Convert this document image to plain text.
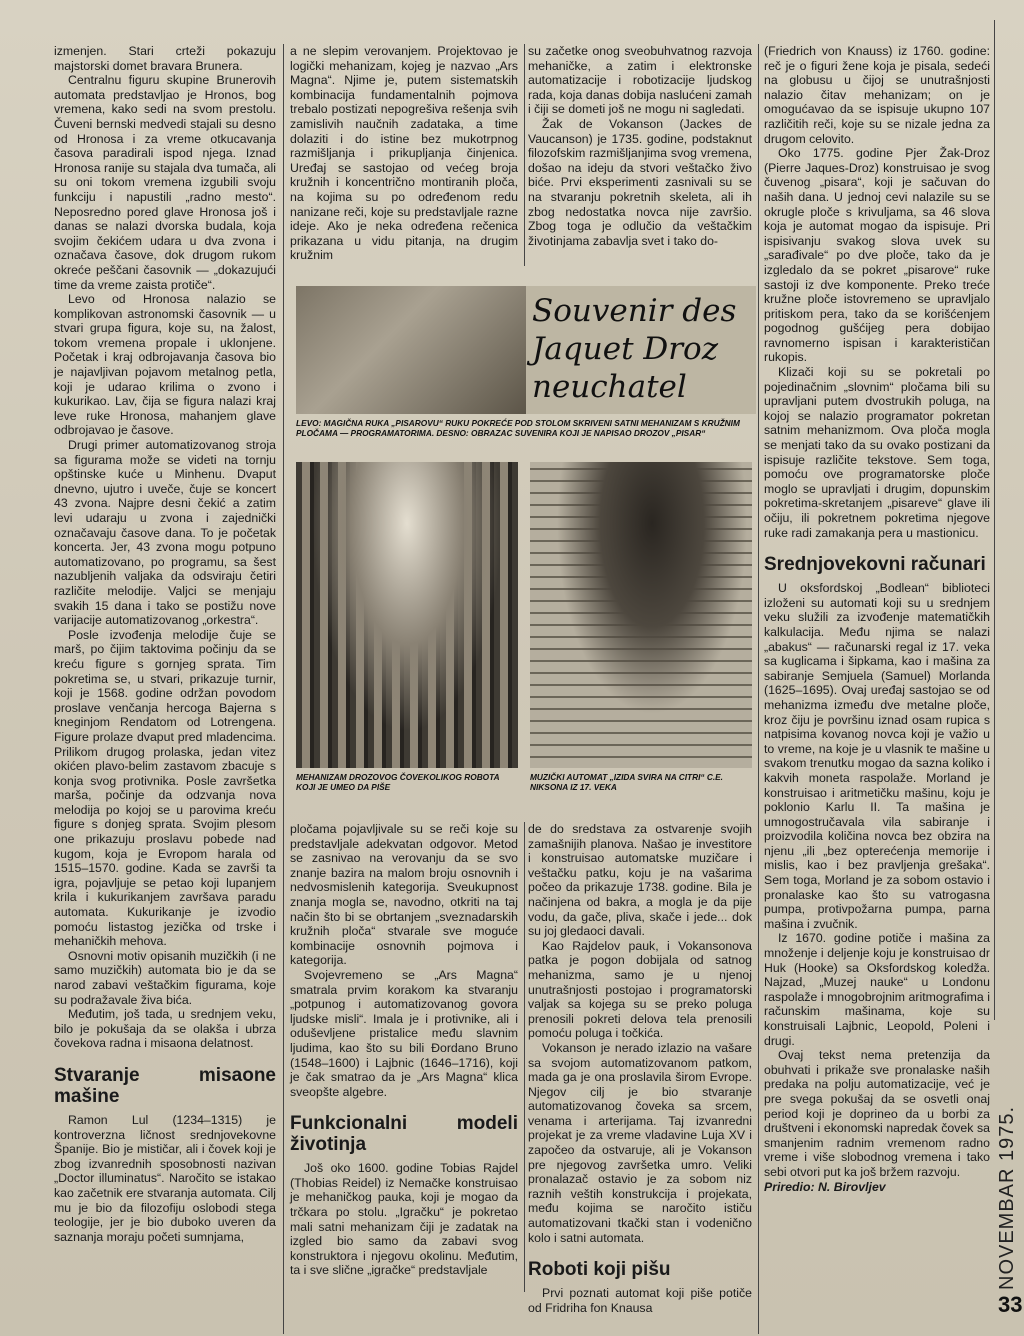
izmenjen. Stari crteži pokazuju majstorski domet bravara Brunera.

Centralnu figuru skupine Brunerovih automata predstavljao je Hronos, bog vremena, kako sedi na svom prestolu. Čuveni bernski medvedi stajali su desno od Hronosa i za vreme otkucavanja časova paradirali ispod njega. Iznad Hronosa ranije su stajala dva tumača, ali su oni tokom vremena izgubili svoju funkciju i napustili „radno mesto“. Neposredno pored glave Hronosa još i danas se nalazi dvorska budala, koja svojim čekićem udara u dva zvona i označava časove, dok drugom rukom okreće peščani časovnik — „dokazujući time da vreme zaista protiče“.

Levo od Hronosa nalazio se komplikovan astronomski časovnik — u stvari grupa figura, koje su, na žalost, tokom vremena propale i uklonjene. Početak i kraj odbrojavanja časova bio je najavljivan pojavom metalnog petla, koji je udarao krilima o zvono i kukurikao. Lav, čija se figura nalazi kraj leve ruke Hronosa, mahanjem glave odbrojavao je časove.

Drugi primer automatizovanog stroja sa figurama može se videti na tornju opštinske kuće u Minhenu. Dvaput dnevno, ujutro i uveče, čuje se koncert 43 zvona. Najpre desni čekić a zatim levi udaraju u zvona i zajednički označavaju časove dana. To je početak koncerta. Jer, 43 zvona mogu potpuno automatizovano, po programu, sa šest nazubljenih valjaka da odsviraju četiri različite melodije. Valjci se menjaju svakih 15 dana i tako se postižu nove varijacije automatizovanog „orkestra“.

Posle izvođenja melodije čuje se marš, po čijim taktovima počinju da se kreću figure s gornjeg sprata. Tim pokretima se, u stvari, prikazuje turnir, koji je 1568. godine održan povodom proslave venčanja hercoga Bajerna s kneginjom Rendatom od Lotrengena. Figure prolaze dvaput pred mladencima. Prilikom drugog prolaska, jedan vitez okićen plavo-belim zastavom zbacuje s konja svog protivnika. Posle završetka marša, počinje da odzvanja nova melodija po kojoj se u parovima kreću figure s donjeg sprata. Svojim plesom one prikazuju proslavu pobede nad kugom, koja je Evropom harala od 1515–1570. godine. Kada se završi ta igra, pojavljuje se petao koji lupanjem krila i kukurikanjem završava paradu automata. Kukurikanje je izvodio pomoću listastog jezička od trske i mehaničkih mehova.

Osnovni motiv opisanih muzičkih (i ne samo muzičkih) automata bio je da se narod zabavi veštačkim figurama, koje su podražavale živa bića.

Međutim, još tada, u srednjem veku, bilo je pokušaja da se olakša i ubrza čovekova radna i misaona delatnost.

Stvaranje misaone mašine

Ramon Lul (1234–1315) je kontroverzna ličnost srednjovekovne Španije. Bio je mističar, ali i čovek koji je zbog izvanrednih sposobnosti nazivan „Doctor illuminatus“. Naročito se istakao kao začetnik ere stvaranja automata. Cilj mu je bio da filozofiju oslobodi stega teologije, jer je bio duboko uveren da saznanja moraju početi sumnjama,

a ne slepim verovanjem. Projektovao je logički mehanizam, kojeg je nazvao „Ars Magna“. Njime je, putem sistematskih kombinacija fundamentalnih pojmova trebalo postizati nepogrešiva rešenja svih zamislivih naučnih zadataka, a time dolaziti i do istine bez mukotrpnog razmišljanja i prikupljanja činjenica. Uređaj se sastojao od većeg broja kružnih i koncentrično montiranih ploča, na kojima su po određenom redu nanizane reči, koje su predstavljale razne ideje. Ako je neka određena rečenica prikazana u vidu pitanja, na drugim kružnim

su začetke onog sveobuhvatnog razvoja mehaničke, a zatim i elektronske automatizacije i robotizacije ljudskog rada, koja danas dobija naslućeni zamah i čiji se dometi još ne mogu ni sagledati.

Žak de Vokanson (Jackes de Vaucanson) je 1735. godine, podstaknut filozofskim razmišljanjima svog vremena, došao na ideju da stvori veštačko živo biće. Prvi eksperimenti zasnivali su se na stvaranju pokretnih skeleta, ali ih zbog nedostatka novca nije završio. Zbog toga je odlučio da veštačkim životinjama zabavlja svet i tako do-

Souvenir des Jaquet Droz neuchatel
LEVO: MAGIČNA RUKA „PISAROVU“ RUKU POKREĆE POD STOLOM SKRIVENI SATNI MEHANIZAM S KRUŽNIM PLOČAMA — PROGRAMATORIMA. DESNO: OBRAZAC SUVENIRA KOJI JE NAPISAO DROZOV „PISAR“
MEHANIZAM DROZOVOG ČOVEKOLIKOG ROBOTA KOJI JE UMEO DA PIŠE
MUZIČKI AUTOMAT „IZIDA SVIRA NA CITRI“ C.E. NIKSONA IZ 17. VEKA

pločama pojavljivale su se reči koje su predstavljale adekvatan odgovor. Metod se zasnivao na verovanju da se svo znanje bazira na malom broju osnovnih i nedvosmislenih kategorija. Sveukupnost znanja mogla se, navodno, otkriti na taj način što bi se obrtanjem „sveznadarskih kružnih ploča“ stvarale sve moguće kombinacije osnovnih pojmova i kategorija.

Svojevremeno se „Ars Magna“ smatrala prvim korakom ka stvaranju „potpunog i automatizovanog govora ljudske misli“. Imala je i protivnike, ali i oduševljene pristalice među slavnim ljudima, kao što su bili Đordano Bruno (1548–1600) i Lajbnic (1646–1716), koji je čak smatrao da je „Ars Magna“ klica sveopšte algebre.

Funkcionalni modeli životinja

Još oko 1600. godine Tobias Rajdel (Thobias Reidel) iz Nemačke konstruisao je mehaničkog pauka, koji je mogao da trčkara po stolu. „Igračku“ je pokretao mali satni mehanizam čiji je zadatak na izgled bio samo da zabavi svog konstruktora i njegovu okolinu. Međutim, ta i sve slične „igračke“ predstavljale

de do sredstava za ostvarenje svojih zamašnijih planova. Našao je investitore i konstruisao automatske muzičare i veštačku patku, koju je na vašarima počeo da prikazuje 1738. godine. Bila je načinjena od bakra, a mogla je da pije vodu, da gače, pliva, skače i jede... dok su joj gledaoci davali.

Kao Rajdelov pauk, i Vokansonova patka je pogon dobijala od satnog mehanizma, samo je u njenoj unutrašnjosti postojao i programatorski valjak sa kojega su se preko poluga prenosili pokreti delova tela prenosili pomoću poluga i točkića.

Vokanson je nerado izlazio na vašare sa svojom automatizovanom patkom, mada ga je ona proslavila širom Evrope. Njegov cilj je bio stvaranje automatizovanog čoveka sa srcem, venama i arterijama. Taj izvanredni projekat je za vreme vladavine Luja XV i započeo da ostvaruje, ali je Vokanson pre njegovog završetka umro. Veliki pronalazač ostavio je za sobom niz raznih veštih konstrukcija i projekata, među kojima se naročito ističu automatizovani tkački stan i vodenično kolo i satni automata.

Roboti koji pišu

Prvi poznati automat koji piše potiče od Fridriha fon Knausa

(Friedrich von Knauss) iz 1760. godine: reč je o figuri žene koja je pisala, sedeći na globusu u čijoj se unutrašnjosti nalazio čitav mehanizam; on je omogućavao da se ispisuje ukupno 107 različitih reči, koje su se nizale jedna za drugom celovito.

Oko 1775. godine Pjer Žak-Droz (Pierre Jaques-Droz) konstruisao je svog čuvenog „pisara“, koji je sačuvan do naših dana. U jednoj cevi nalazile su se okrugle ploče s krivuljama, sa 46 slova koja je automat mogao da ispisuje. Pri ispisivanju svakog slova uvek su „sarađivale“ po dve ploče, tako da je izgledalo da se pokret „pisarove“ ruke sastoji iz dve komponente. Preko treće kružne ploče istovremeno se upravljalo pritiskom pera, tako da se korišćenjem pogodnog gušćijeg pera dobijao ravnomerno ispisan i karakterističan rukopis.

Klizači koji su se pokretali po pojedinačnim „slovnim“ pločama bili su upravljani putem dvostrukih poluga, na kojoj se nalazio programator pokretan satnim mehanizmom. Ova ploča mogla se menjati tako da su ovako postizani da ispisuje različite tekstove. Sem toga, pomoću ove programatorske ploče moglo se upravljati i drugim, dopunskim pokretima-skretanjem „pisareve“ glave ili očiju, ili pokretnem pokretima njegove ruke radi zamakanja pera u mastionicu.

Srednjovekovni računari

U oksfordskoj „Bodlean“ biblioteci izloženi su automati koji su u srednjem veku služili za izvođenje matematičkih kalkulacija. Među njima se nalazi „abakus“ — računarski regal iz 17. veka sa kuglicama i šipkama, kao i mašina za sabiranje Semjuela (Samuel) Morlanda (1625–1695). Ovaj uređaj sastojao se od mehanizma između dve metalne ploče, kroz čiju je površinu iznad osam rupica s natpisima kovanog novca koji je važio u to vreme, na koje je u vlasnik te mašine u svakom trenutku mogao da sazna koliko i kakvih moneta raspolaže. Morland je konstruisao i aritmetičku mašinu, koju je poklonio Karlu II. Ta mašina je umnogostručavala vila sabiranje i proizvodila količina novca bez obzira na njenu „ili „bez opterećenja memorije i mislis, kao i bez pravljenja grešaka“. Sem toga, Morland je za sobom ostavio i pronalaske kao što su vatrogasna pumpa, protivpožarna pumpa, parna mašina i zvučnik.

Iz 1670. godine potiče i mašina za množenje i deljenje koju je konstruisao dr Huk (Hooke) sa Oksfordskog koledža. Najzad, „Muzej nauke“ u Londonu raspolaže i mnogobrojnim aritmografima i računskim mašinama, koje su konstruisali Lajbnic, Leopold, Poleni i drugi.

Ovaj tekst nema pretenzija da obuhvati i prikaže sve pronalaske naših predaka na polju automatizacije, već je pre svega pokušaj da se osvetli onaj period koji je doprineo da u borbi za društveni i ekonomski napredak čovek sa smanjenim radnim vremenom radno vreme i više slobodnog vremena i tako sebi otvori put ka još bržem razvoju.

Priredio: N. Birovljev	NOVEMBAR 1975.
33
